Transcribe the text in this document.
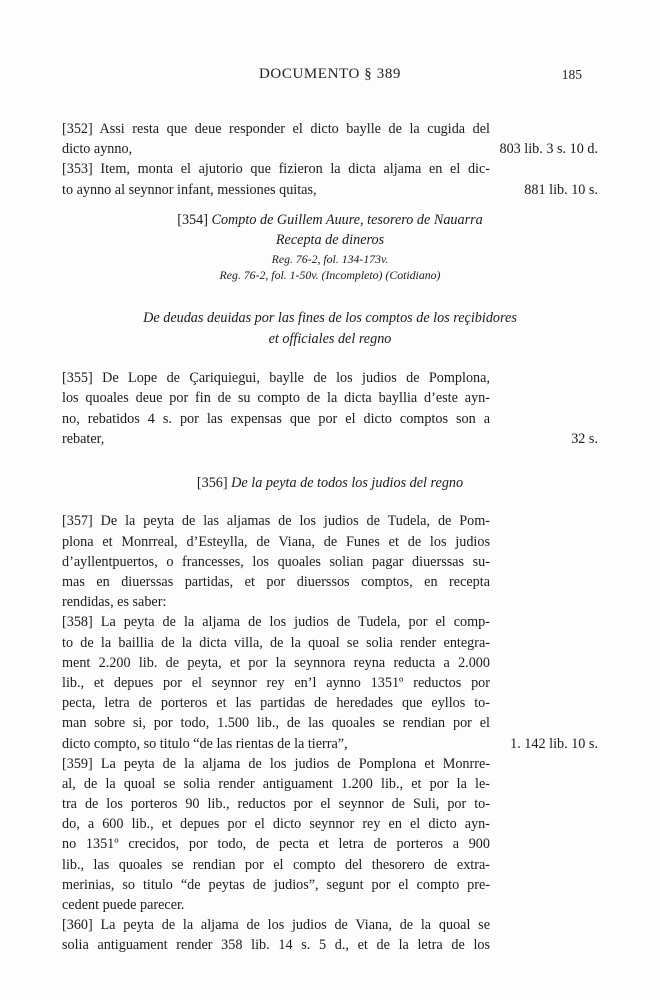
DOCUMENTO § 389	185
[352] Assi resta que deue responder el dicto baylle de la cugida del
dicto aynno,	803 lib. 3 s. 10 d.
[353] Item, monta el ajutorio que fizieron la dicta aljama en el dic-
to aynno al seynnor infant, messiones quitas,	881 lib. 10 s.
[354] Compto de Guillem Auure, tesorero de Nauarra
Recepta de dineros
Reg. 76-2, fol. 134-173v.
Reg. 76-2, fol. 1-50v. (Incompleto) (Cotidiano)
De deudas deuidas por las fines de los comptos de los reçibidores
et officiales del regno
[355] De Lope de Çariquiegui, baylle de los judios de Pomplona,
los quoales deue por fin de su compto de la dicta bayllia d’este ayn-
no, rebatidos 4 s. por las expensas que por el dicto comptos son a
rebater,	32 s.
[356] De la peyta de todos los judios del regno
[357] De la peyta de las aljamas de los judios de Tudela, de Pom-
plona et Monrreal, d’Esteylla, de Viana, de Funes et de los judios
d’ayllentpuertos, o francesses, los quoales solian pagar diuerssas su-
mas en diuerssas partidas, et por diuerssos comptos, en recepta
rendidas, es saber:
[358] La peyta de la aljama de los judios de Tudela, por el comp-
to de la baillia de la dicta villa, de la quoal se solia render entegra-
ment 2.200 lib. de peyta, et por la seynnora reyna reducta a 2.000
lib., et depues por el seynnor rey en’l aynno 1351º reductos por
pecta, letra de porteros et las partidas de heredades que eyllos to-
man sobre si, por todo, 1.500 lib., de las quoales se rendian por el
dicto compto, so titulo “de las rientas de la tierra”,	1. 142 lib. 10 s.
[359] La peyta de la aljama de los judios de Pomplona et Monrre-
al, de la quoal se solia render antiguament 1.200 lib., et por la le-
tra de los porteros 90 lib., reductos por el seynnor de Suli, por to-
do, a 600 lib., et depues por el dicto seynnor rey en el dicto ayn-
no 1351º crecidos, por todo, de pecta et letra de porteros a 900
lib., las quoales se rendian por el compto del thesorero de extra-
merinias, so titulo “de peytas de judios”, segunt por el compto pre-
cedent puede parecer.
[360] La peyta de la aljama de los judios de Viana, de la quoal se
solia antiguament render 358 lib. 14 s. 5 d., et de la letra de los
